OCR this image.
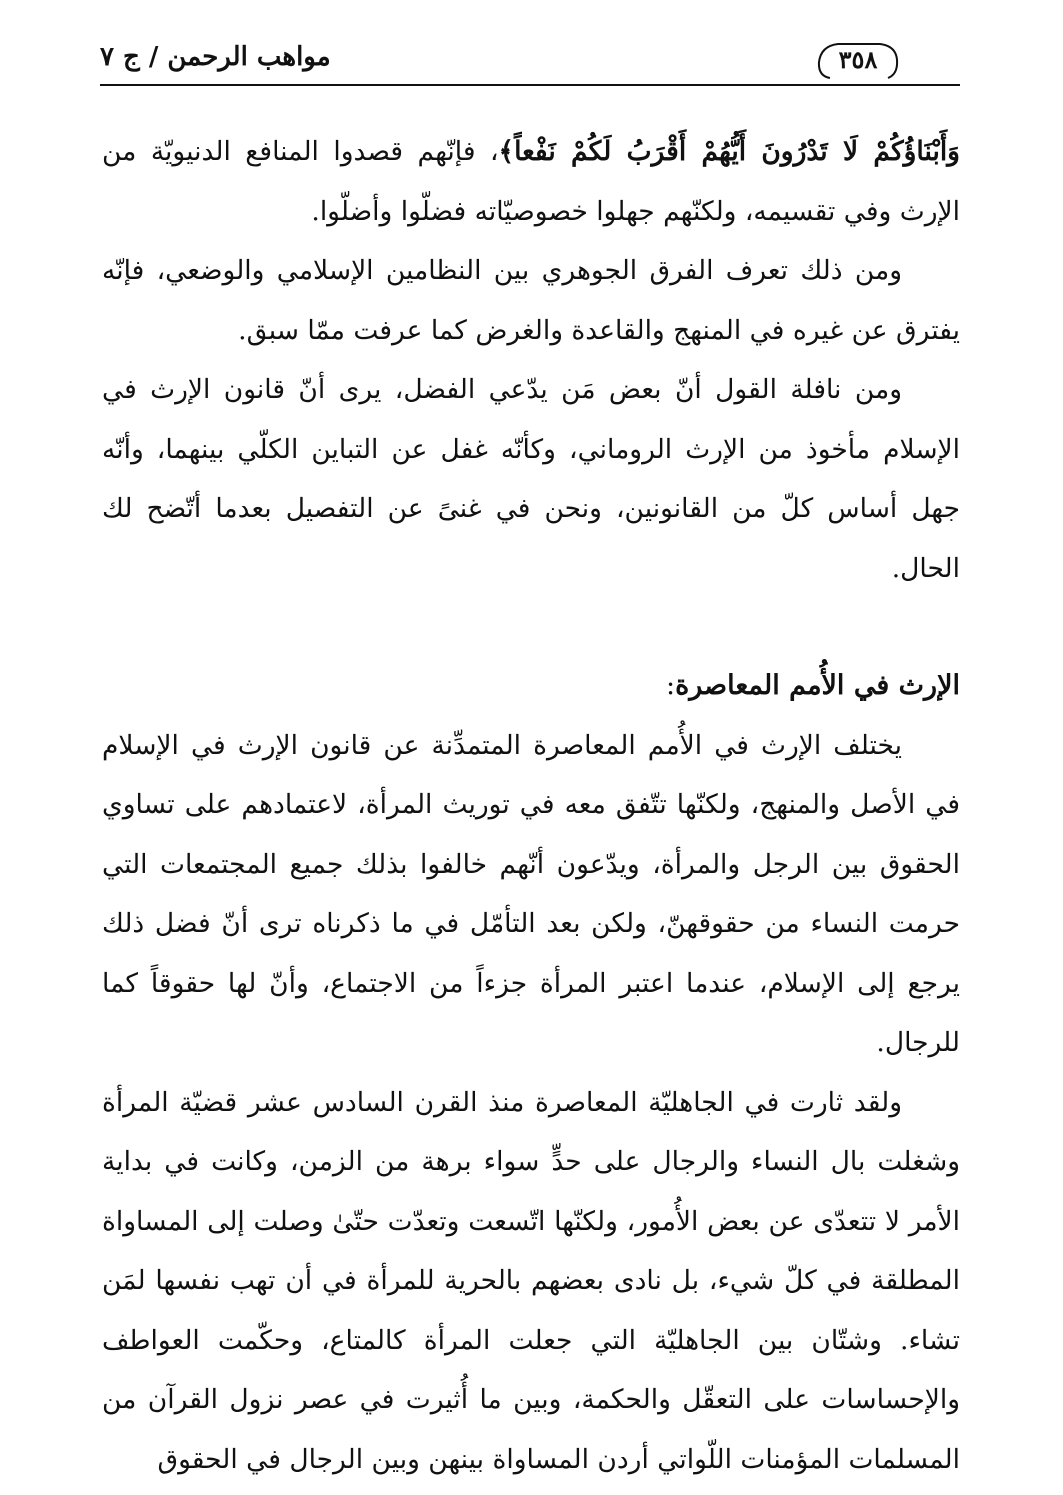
٣٥٨
مواهب الرحمن / ج ٧

وَأَبْنَاؤُكُمْ لَا تَدْرُونَ أَيُّهُمْ أَقْرَبُ لَكُمْ نَفْعاً﴾، فإنّهم قصدوا المنافع الدنيويّة من الإرث وفي تقسيمه، ولكنّهم جهلوا خصوصيّاته فضلّوا وأضلّوا.

ومن ذلك تعرف الفرق الجوهري بين النظامين الإسلامي والوضعي، فإنّه يفترق عن غيره في المنهج والقاعدة والغرض كما عرفت ممّا سبق.

ومن نافلة القول أنّ بعض مَن يدّعي الفضل، يرى أنّ قانون الإرث في الإسلام مأخوذ من الإرث الروماني، وكأنّه غفل عن التباين الكلّي بينهما، وأنّه جهل أساس كلّ من القانونين، ونحن في غنىً عن التفصيل بعدما أتّضح لك الحال.

الإرث في الأُمم المعاصرة:

يختلف الإرث في الأُمم المعاصرة المتمدِّنة عن قانون الإرث في الإسلام في الأصل والمنهج، ولكنّها تتّفق معه في توريث المرأة، لاعتمادهم على تساوي الحقوق بين الرجل والمرأة، ويدّعون أنّهم خالفوا بذلك جميع المجتمعات التي حرمت النساء من حقوقهنّ، ولكن بعد التأمّل في ما ذكرناه ترى أنّ فضل ذلك يرجع إلى الإسلام، عندما اعتبر المرأة جزءاً من الاجتماع، وأنّ لها حقوقاً كما للرجال.

ولقد ثارت في الجاهليّة المعاصرة منذ القرن السادس عشر قضيّة المرأة وشغلت بال النساء والرجال على حدٍّ سواء برهة من الزمن، وكانت في بداية الأمر لا تتعدّى عن بعض الأُمور، ولكنّها اتّسعت وتعدّت حتّىٰ وصلت إلى المساواة المطلقة في كلّ شيء، بل نادى بعضهم بالحرية للمرأة في أن تهب نفسها لمَن تشاء. وشتّان بين الجاهليّة التي جعلت المرأة كالمتاع، وحكّمت العواطف والإحساسات على التعقّل والحكمة، وبين ما أُثيرت في عصر نزول القرآن من المسلمات المؤمنات اللّواتي أردن المساواة بينهن وبين الرجال في الحقوق
